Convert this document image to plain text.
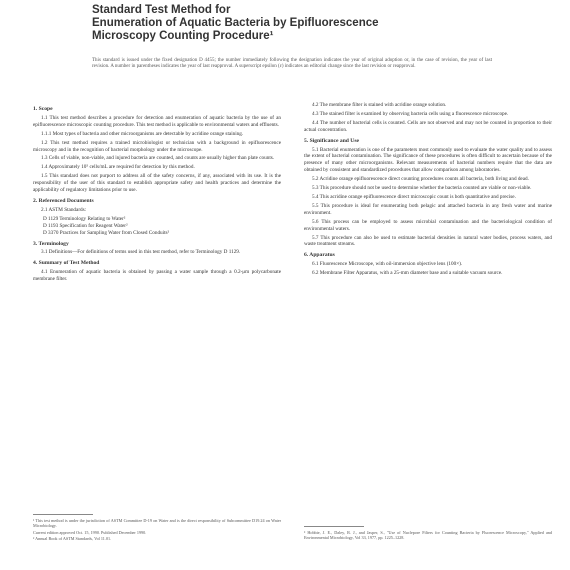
Standard Test Method for
Enumeration of Aquatic Bacteria by Epifluorescence
Microscopy Counting Procedure¹
This standard is issued under the fixed designation D 4455; the number immediately following the designation indicates the year of original adoption or, in the case of revision, the year of last revision. A number in parentheses indicates the year of last reapproval. A superscript epsilon (ε) indicates an editorial change since the last revision or reapproval.
1. Scope
1.1 This test method describes a procedure for detection and enumeration of aquatic bacteria by the use of an epifluorescence microscopic counting procedure. This test method is applicable to environmental waters and effluents.
1.1.1 Most types of bacteria and other microorganisms are detectable by acridine orange staining.
1.2 This test method requires a trained microbiologist or technician with a background in epifluorescence microscopy and in the recognition of bacterial morphology under the microscope.
1.3 Cells of viable, non-viable, and injured bacteria are counted, and counts are usually higher than plate counts.
1.4 Approximately 10⁵ cells/mL are required for detection by this method.
1.5 This standard does not purport to address all of the safety concerns, if any, associated with its use. It is the responsibility of the user of this standard to establish appropriate safety and health practices and determine the applicability of regulatory limitations prior to use.
2. Referenced Documents
2.1 ASTM Standards:
D 1129 Terminology Relating to Water²
D 1193 Specification for Reagent Water²
D 3370 Practices for Sampling Water from Closed Conduits²
3. Terminology
3.1 Definitions—For definitions of terms used in this test method, refer to Terminology D 1129.
4. Summary of Test Method
4.1 Enumeration of aquatic bacteria is obtained by passing a water sample through a 0.2-μm polycarbonate membrane filter.
4.2 The membrane filter is stained with acridine orange solution.
4.3 The stained filter is examined by observing bacteria cells using a fluorescence microscope.
4.4 The number of bacterial cells is counted. Cells are not observed and may not be counted in proportion to their actual concentration.
5. Significance and Use
5.1 Bacterial enumeration is one of the parameters most commonly used to evaluate the water quality and to assess the extent of bacterial contamination. The significance of these procedures is often difficult to ascertain because of the presence of many other microorganisms. Relevant measurements of bacterial numbers require that the data are obtained by consistent and standardized procedures that allow comparison among laboratories.
5.2 Acridine orange epifluorescence direct counting procedures counts all bacteria, both living and dead.
5.3 This procedure should not be used to determine whether the bacteria counted are viable or non-viable.
5.4 This acridine orange epifluorescence direct microscopic count is both quantitative and precise.
5.5 This procedure is ideal for enumerating both pelagic and attached bacteria in any fresh water and marine environment.
5.6 This process can be employed to assess microbial contamination and the bacteriological condition of environmental waters.
5.7 This procedure can also be used to estimate bacterial densities in natural water bodies, process waters, and waste treatment streams.
6. Apparatus
6.1 Fluorescence Microscope, with oil-immersion objective lens (100×).
6.2 Membrane Filter Apparatus, with a 25-mm diameter base and a suitable vacuum source.
¹ This test method is under the jurisdiction of ASTM Committee D-19 on Water and is the direct responsibility of Subcommittee D19.24 on Water Microbiology.
Current edition approved Oct. 15, 1990. Published December 1990.
² Annual Book of ASTM Standards, Vol 11.01.
³ Hobbie, J. E., Daley, R. J., and Jasper, S., "Use of Nuclepore Filters for Counting Bacteria by Fluorescence Microscopy," Applied and Environmental Microbiology, Vol 33, 1977, pp. 1225–1228.
